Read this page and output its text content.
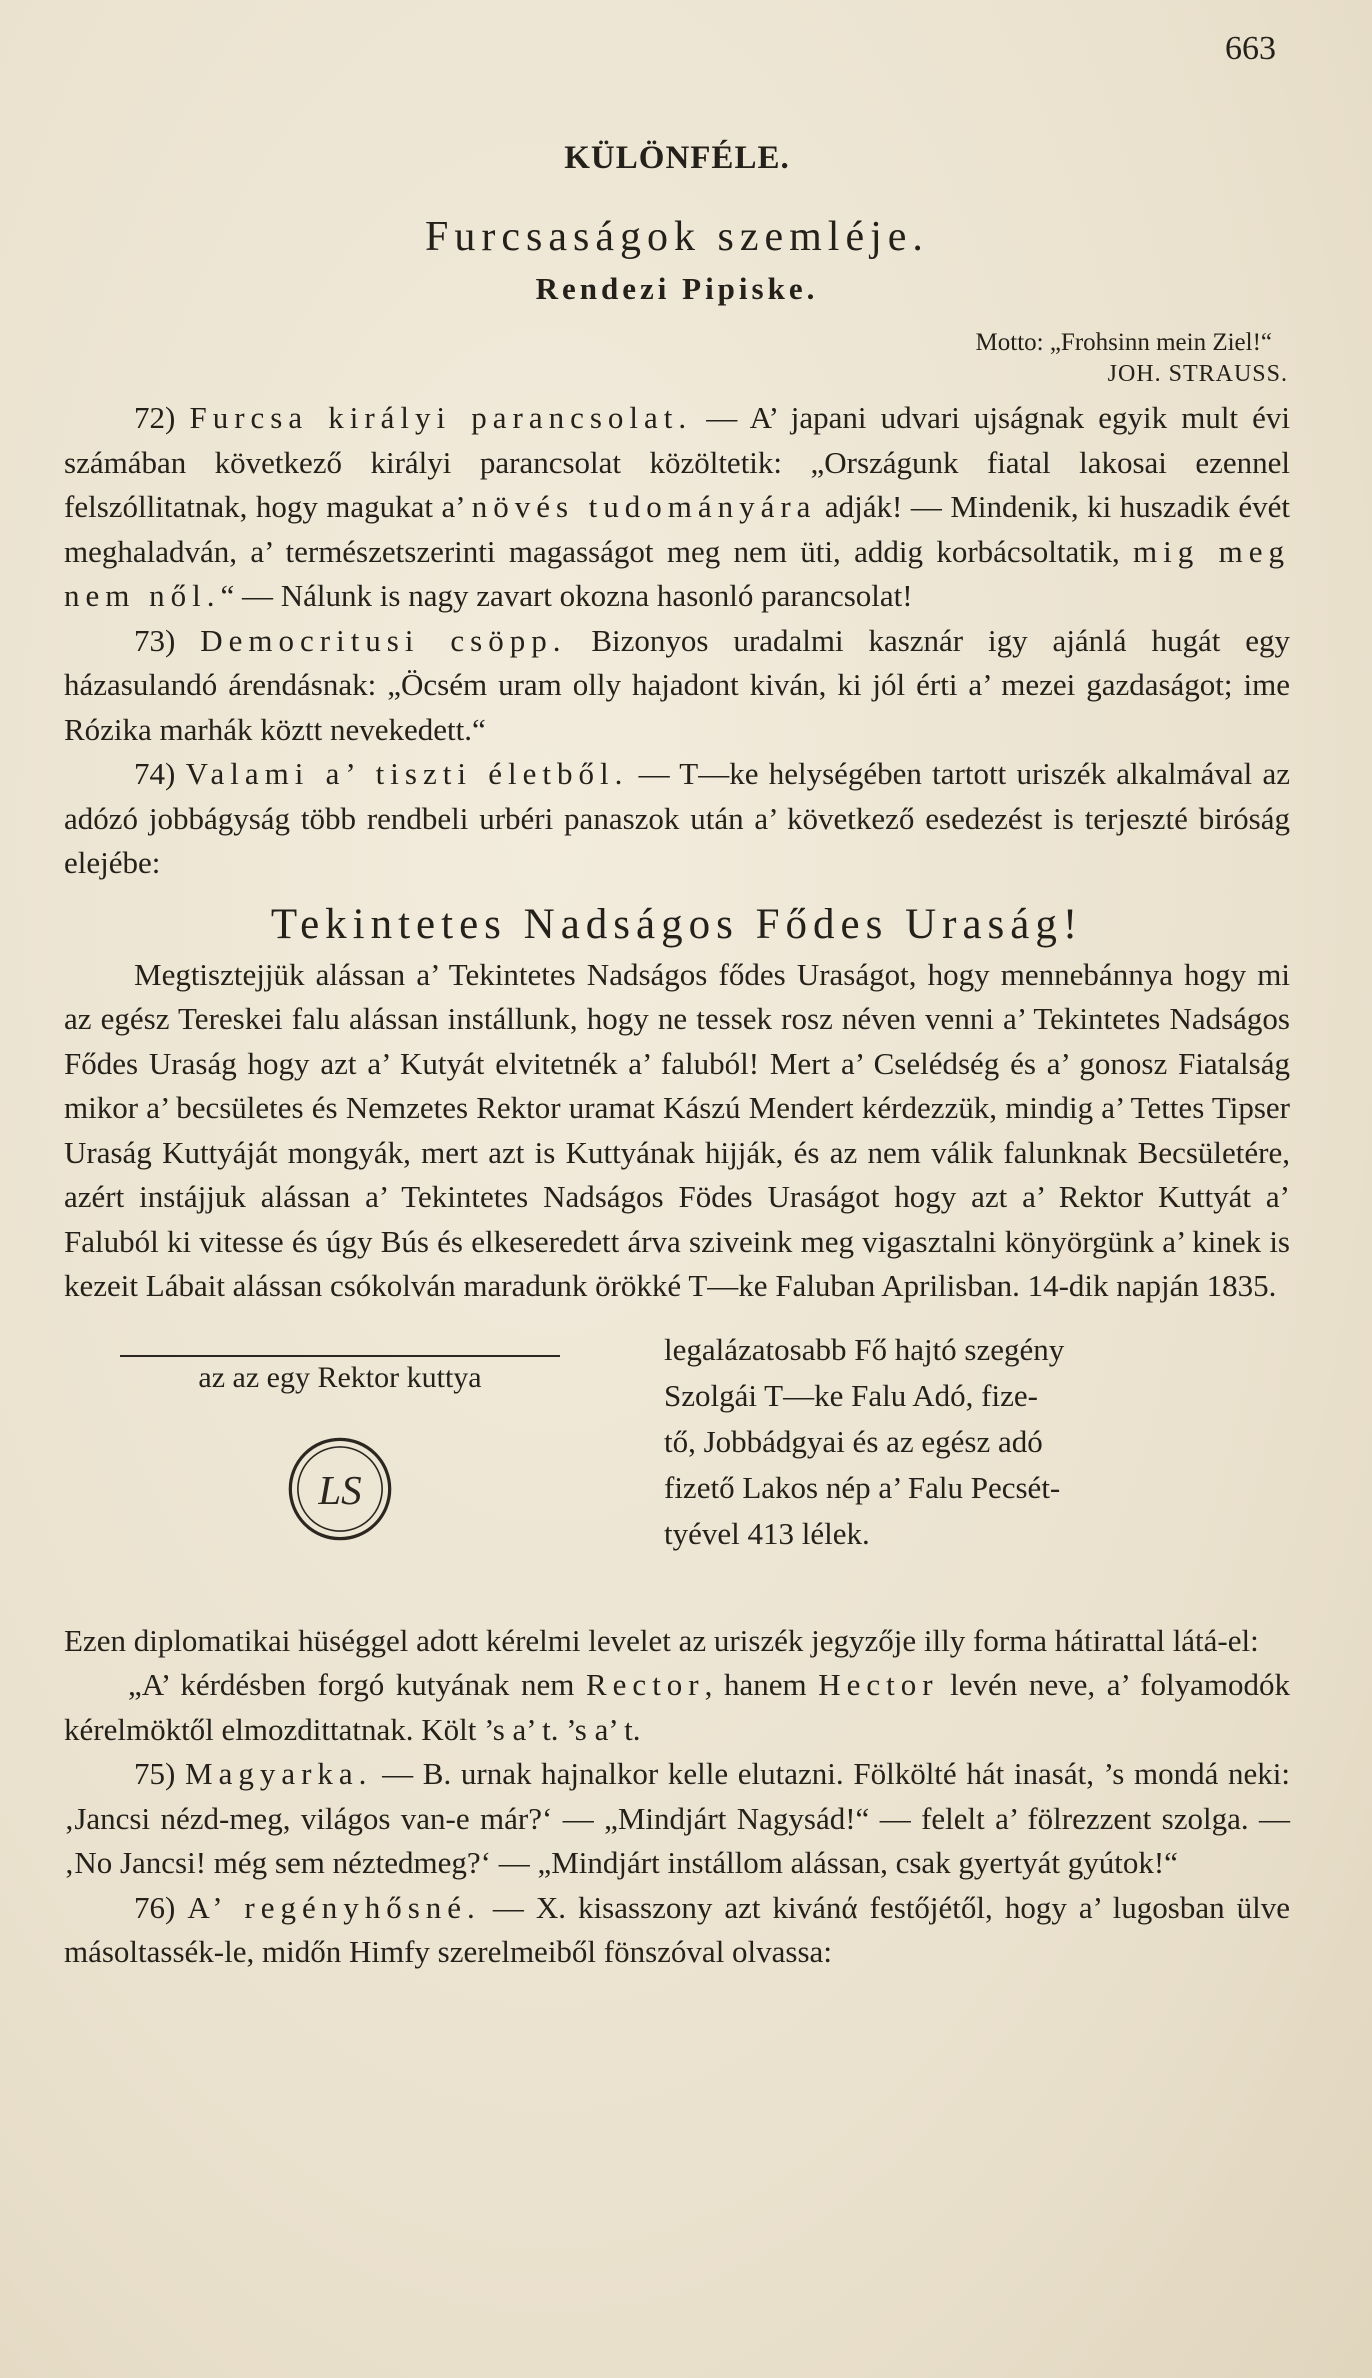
663
KÜLÖNFÉLE.
Furcsaságok szemléje.
Rendezi Pipiske.
Motto: „Frohsinn mein Ziel!“
JOH. STRAUSS.

72) Furcsa királyi parancsolat. — A’ japani udvari ujságnak egyik mult évi számában következő királyi parancsolat közöltetik: „Országunk fiatal lakosai ezennel felszóllitatnak, hogy magukat a’ növés tudományára adják! — Mindenik, ki huszadik évét meghaladván, a’ természetszerinti magasságot meg nem üti, addig korbácsoltatik, mig meg nem nől.“ — Nálunk is nagy zavart okozna hasonló parancsolat!

73) Democritusi csöpp. Bizonyos uradalmi kasznár igy ajánlá hugát egy házasulandó árendásnak: „Öcsém uram olly hajadont kiván, ki jól érti a’ mezei gazdaságot; ime Rózika marhák köztt nevekedett.“

74) Valami a’ tiszti életből. — T—ke helységében tartott uriszék alkalmával az adózó jobbágyság több rendbeli urbéri panaszok után a’ következő esedezést is terjeszté biróság elejébe:

Tekintetes Nadságos Fődes Uraság!

Megtisztejjük alássan a’ Tekintetes Nadságos fődes Uraságot, hogy mennebánnya hogy mi az egész Tereskei falu alássan instállunk, hogy ne tessek rosz néven venni a’ Tekintetes Nadságos Fődes Uraság hogy azt a’ Kutyát elvitetnék a’ faluból! Mert a’ Cselédség és a’ gonosz Fiatalság mikor a’ becsületes és Nemzetes Rektor uramat Kászú Mendert kérdezzük, mindig a’ Tettes Tipser Uraság Kuttyáját mongyák, mert azt is Kuttyának hijják, és az nem válik falunknak Becsületére, azért instájjuk alássan a’ Tekintetes Nadságos Födes Uraságot hogy azt a’ Rektor Kuttyát a’ Faluból ki vitesse és úgy Bús és elkeseredett árva sziveink meg vigasztalni könyörgünk a’ kinek is kezeit Lábait alássan csókolván maradunk örökké T—ke Faluban Aprilisban. 14-dik napján 1835.

az az egy Rektor kuttya
LS
legalázatosabb Fő hajtó szegény
Szolgái T—ke Falu Adó, fize-
tő, Jobbádgyai és az egész adó
fizető Lakos nép a’ Falu Pecsét-
tyével 413 lélek.

Ezen diplomatikai hüséggel adott kérelmi levelet az uriszék jegyzője illy forma hátirattal látá-el:

„A’ kérdésben forgó kutyának nem Rector, hanem Hector levén neve, a’ folyamodók kérelmöktől elmozdittatnak. Költ ’s a’ t. ’s a’ t.

75) Magyarka. — B. urnak hajnalkor kelle elutazni. Fölkölté hát inasát, ’s mondá neki: ‚Jancsi nézd-meg, világos van-e már?‘ — „Mindjárt Nagysád!“ — felelt a’ fölrezzent szolga. — ‚No Jancsi! még sem néztedmeg?‘ — „Mindjárt instállom alássan, csak gyertyát gyútok!“

76) A’ regényhősné. — X. kisasszony azt kivánά festőjétől, hogy a’ lugosban ülve másoltassék-le, midőn Himfy szerelmeiből fönszóval olvassa:
